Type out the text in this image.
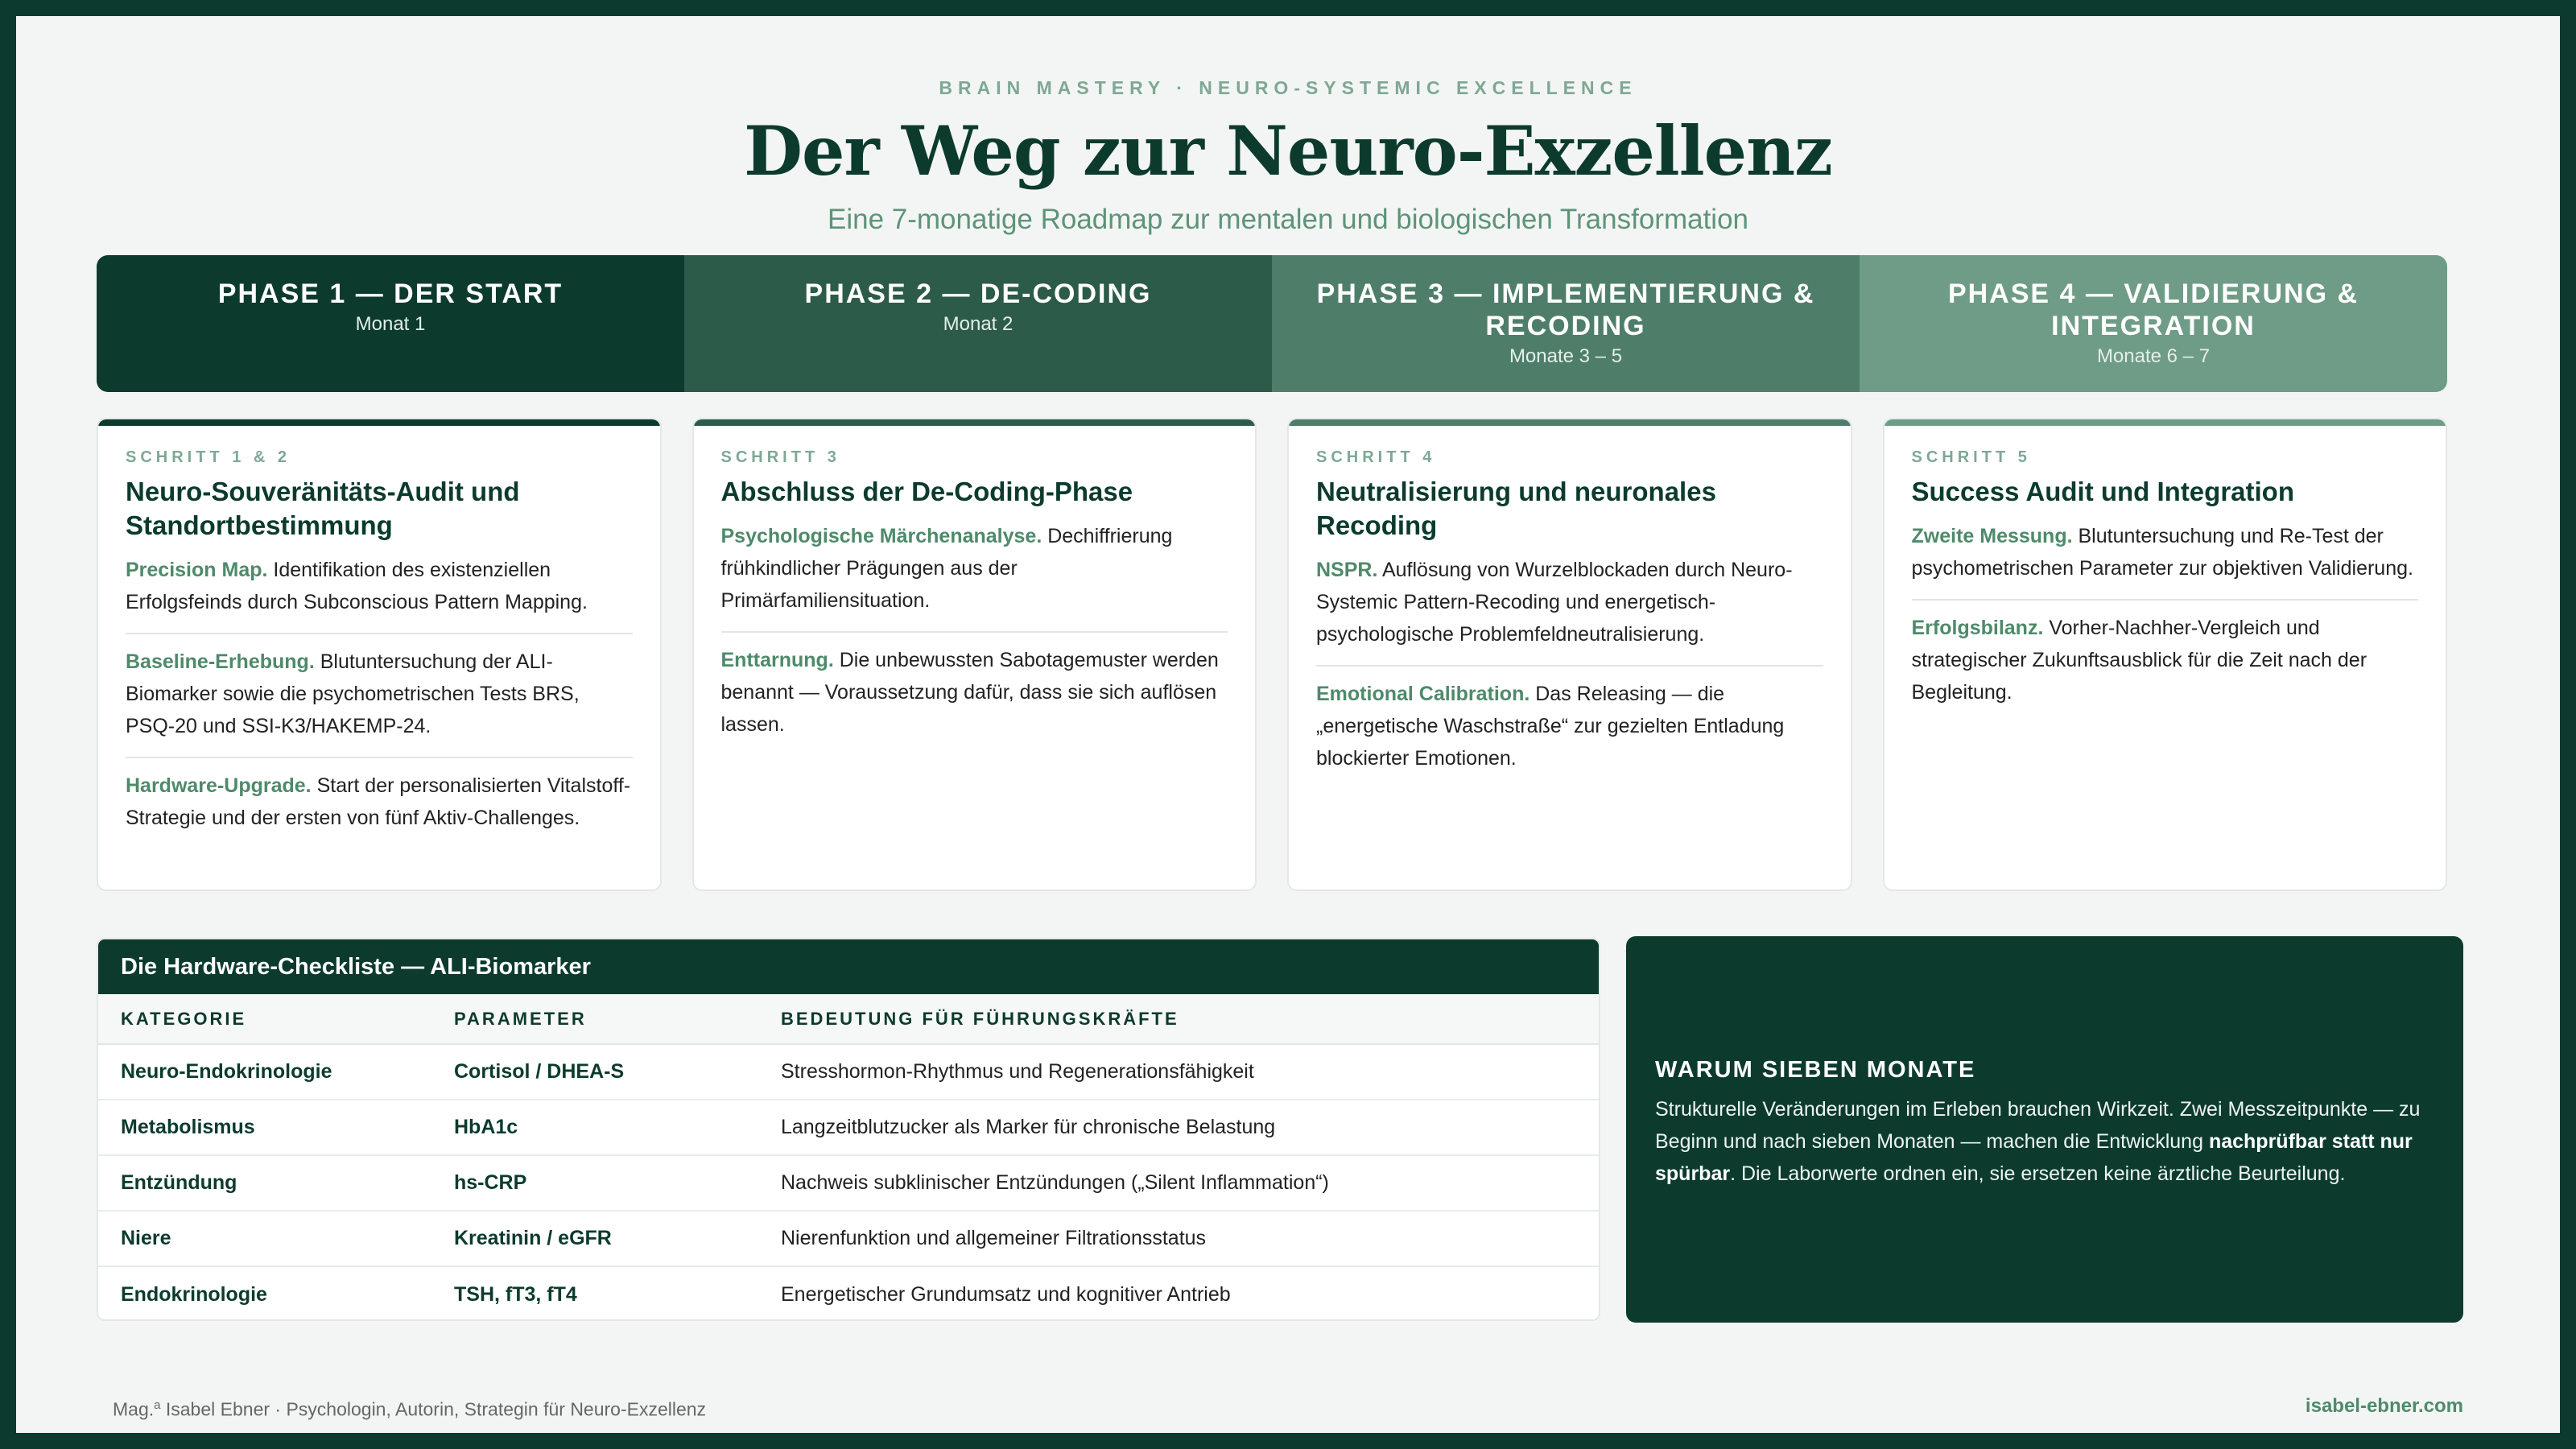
BRAIN MASTERY · NEURO-SYSTEMIC EXCELLENCE
Der Weg zur Neuro-Exzellenz
Eine 7-monatige Roadmap zur mentalen und biologischen Transformation
PHASE 1 — DER START
Monat 1
PHASE 2 — DE-CODING
Monat 2
PHASE 3 — IMPLEMENTIERUNG & RECODING
Monate 3 – 5
PHASE 4 — VALIDIERUNG & INTEGRATION
Monate 6 – 7
SCHRITT 1 & 2
Neuro-Souveränitäts-Audit und Standortbestimmung
Precision Map. Identifikation des existenziellen Erfolgsfeinds durch Subconscious Pattern Mapping.
Baseline-Erhebung. Blutuntersuchung der ALI-Biomarker sowie die psychometrischen Tests BRS, PSQ-20 und SSI-K3/HAKEMP-24.
Hardware-Upgrade. Start der personalisierten Vitalstoff-Strategie und der ersten von fünf Aktiv-Challenges.
SCHRITT 3
Abschluss der De-Coding-Phase
Psychologische Märchenanalyse. Dechiffrierung frühkindlicher Prägungen aus der Primärfamiliensituation.
Enttarnung. Die unbewussten Sabotagemuster werden benannt — Voraussetzung dafür, dass sie sich auflösen lassen.
SCHRITT 4
Neutralisierung und neuronales Recoding
NSPR. Auflösung von Wurzelblockaden durch Neuro-Systemic Pattern-Recoding und energetisch-psychologische Problemfeldneutralisierung.
Emotional Calibration. Das Releasing — die „energetische Waschstraße“ zur gezielten Entladung blockierter Emotionen.
SCHRITT 5
Success Audit und Integration
Zweite Messung. Blutuntersuchung und Re-Test der psychometrischen Parameter zur objektiven Validierung.
Erfolgsbilanz. Vorher-Nachher-Vergleich und strategischer Zukunftsausblick für die Zeit nach der Begleitung.
Die Hardware-Checkliste — ALI-Biomarker
KATEGORIE	PARAMETER	BEDEUTUNG FÜR FÜHRUNGSKRÄFTE
Neuro-Endokrinologie	Cortisol / DHEA-S	Stresshormon-Rhythmus und Regenerationsfähigkeit
Metabolismus	HbA1c	Langzeitblutzucker als Marker für chronische Belastung
Entzündung	hs-CRP	Nachweis subklinischer Entzündungen („Silent Inflammation“)
Niere	Kreatinin / eGFR	Nierenfunktion und allgemeiner Filtrationsstatus
Endokrinologie	TSH, fT3, fT4	Energetischer Grundumsatz und kognitiver Antrieb
WARUM SIEBEN MONATE
Strukturelle Veränderungen im Erleben brauchen Wirkzeit. Zwei Messzeitpunkte — zu Beginn und nach sieben Monaten — machen die Entwicklung nachprüfbar statt nur spürbar. Die Laborwerte ordnen ein, sie ersetzen keine ärztliche Beurteilung.
Mag.$^a$ Isabel Ebner · Psychologin, Autorin, Strategin für Neuro-Exzellenz	isabel-ebner.com
